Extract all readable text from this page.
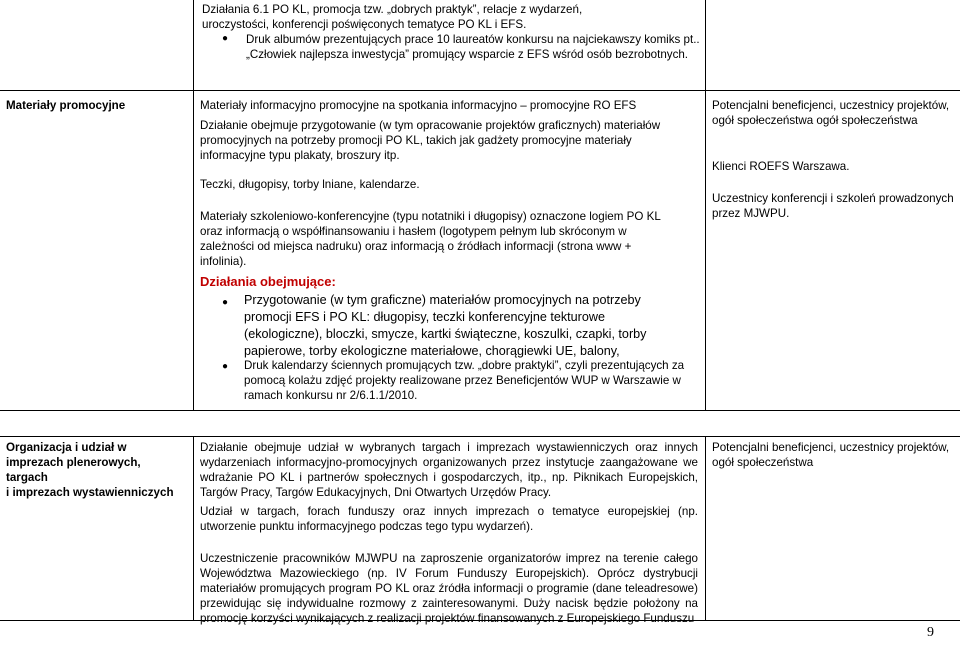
Działania 6.1 PO KL, promocja tzw. „dobrych praktyk”, relacje z wydarzeń,

uroczystości, konferencji poświęconych tematyce PO KL i EFS.

● Druk albumów prezentujących prace 10 laureatów konkursu na najciekawszy komiks pt.. „Człowiek najlepsza inwestycja” promujący wsparcie z EFS wśród osób bezrobotnych.

Materiały promocyjne	Materiały informacyjno promocyjne na spotkania informacyjno – promocyjne RO EFS

Działanie obejmuje przygotowanie (w tym opracowanie projektów graficznych) materiałów promocyjnych na potrzeby promocji PO KL, takich jak gadżety promocyjne materiały informacyjne typu plakaty, broszury itp.

Teczki, długopisy, torby lniane, kalendarze.

Materiały szkoleniowo-konferencyjne (typu notatniki i długopisy) oznaczone logiem PO KL oraz informacją o współfinansowaniu i hasłem (logotypem pełnym lub skróconym w zależności od miejsca nadruku) oraz informacją o źródłach informacji (strona www + infolinia).

Działania obejmujące:
● Przygotowanie (w tym graficzne) materiałów promocyjnych na potrzeby promocji EFS i PO KL: długopisy, teczki konferencyjne tekturowe (ekologiczne), bloczki, smycze, kartki świąteczne, koszulki, czapki, torby papierowe, torby ekologiczne materiałowe, chorągiewki UE, balony,
● Druk kalendarzy ściennych promujących tzw. „dobre praktyki”, czyli prezentujących za pomocą kolażu zdjęć projekty realizowane przez Beneficjentów WUP w Warszawie w ramach konkursu nr 2/6.1.1/2010.

Potencjalni beneficjenci, uczestnicy projektów, ogół społeczeństwa ogół społeczeństwa

Klienci ROEFS Warszawa.

Uczestnicy konferencji i szkoleń prowadzonych przez MJWPU.

Organizacja i udział w

imprezach plenerowych,

targach

i imprezach wystawienniczych

Działanie obejmuje udział w wybranych targach i imprezach wystawienniczych oraz innych wydarzeniach informacyjno-promocyjnych organizowanych przez instytucje zaangażowane we wdrażanie PO KL i partnerów społecznych i gospodarczych, itp., np. Piknikach Europejskich, Targów Pracy, Targów Edukacyjnych, Dni Otwartych Urzędów Pracy.

Udział w targach, forach funduszy oraz innych imprezach o tematyce europejskiej (np. utworzenie punktu informacyjnego podczas tego typu wydarzeń).

Uczestniczenie pracowników MJWPU na zaproszenie organizatorów imprez na terenie całego Województwa Mazowieckiego (np. IV Forum Funduszy Europejskich). Oprócz dystrybucji materiałów promujących program PO KL oraz źródła informacji o programie (dane teleadresowe) przewidując się indywidualne rozmowy z zainteresowanymi. Duży nacisk będzie położony na promocję korzyści wynikających z realizacji projektów finansowanych z Europejskiego Funduszu

Potencjalni beneficjenci, uczestnicy projektów, ogół społeczeństwa
9
